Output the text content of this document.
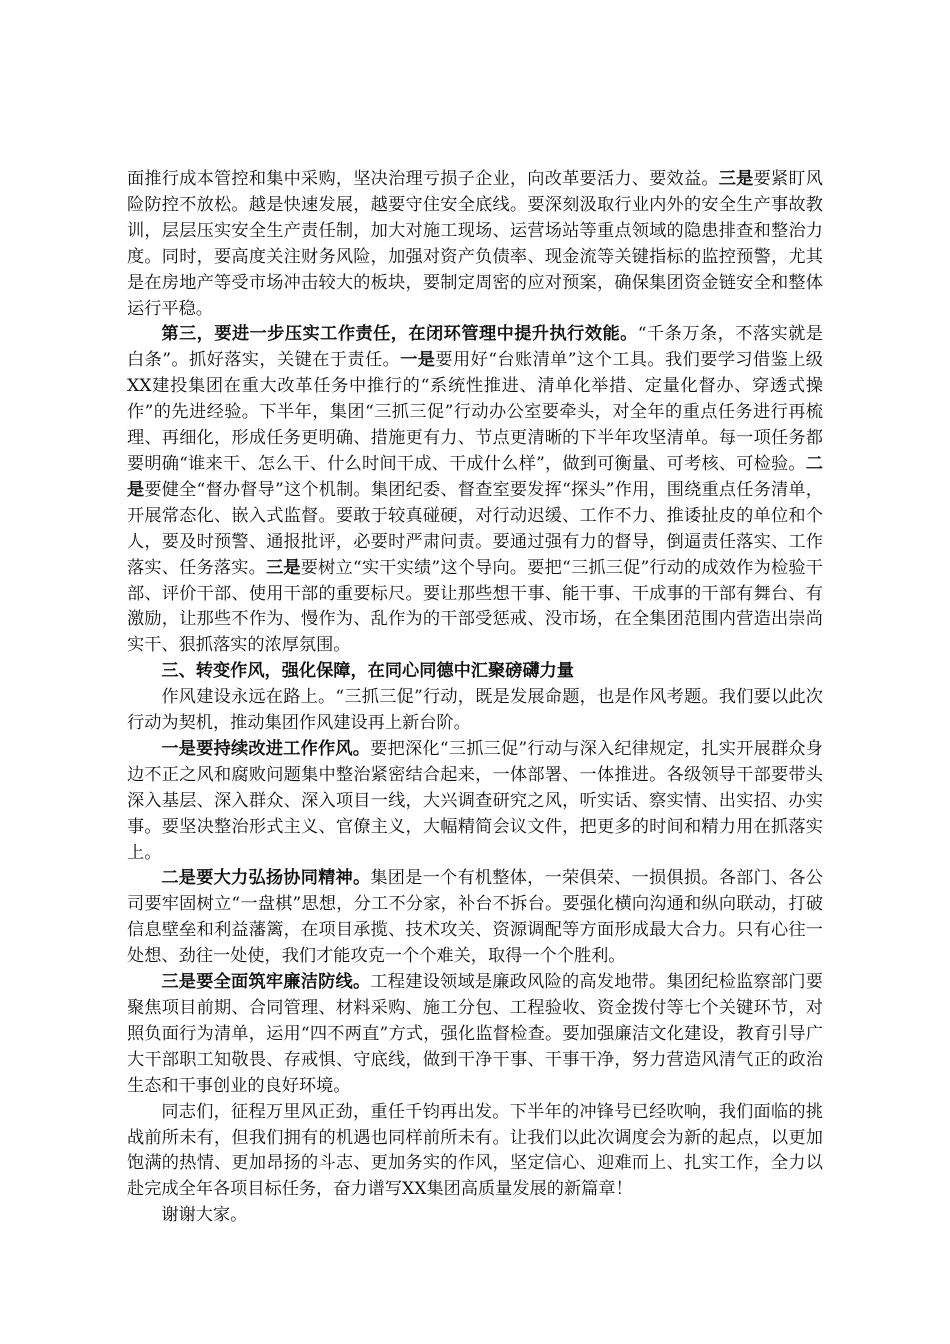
面推行成本管控和集中采购，坚决治理亏损子企业，向改革要活力、要效益。三是要紧盯风险防控不放松。越是快速发展，越要守住安全底线。要深刻汲取行业内外的安全生产事故教训，层层压实安全生产责任制，加大对施工现场、运营场站等重点领域的隐患排查和整治力度。同时，要高度关注财务风险，加强对资产负债率、现金流等关键指标的监控预警，尤其是在房地产等受市场冲击较大的板块，要制定周密的应对预案，确保集团资金链安全和整体运行平稳。

第三，要进一步压实工作责任，在闭环管理中提升执行效能。“千条万条，不落实就是白条”。抓好落实，关键在于责任。一是要用好“台账清单”这个工具。我们要学习借鉴上级XX建投集团在重大改革任务中推行的“系统性推进、清单化举措、定量化督办、穿透式操作”的先进经验。下半年，集团“三抓三促”行动办公室要牵头，对全年的重点任务进行再梳理、再细化，形成任务更明确、措施更有力、节点更清晰的下半年攻坚清单。每一项任务都要明确“谁来干、怎么干、什么时间干成、干成什么样”，做到可衡量、可考核、可检验。二是要健全“督办督导”这个机制。集团纪委、督查室要发挥“探头”作用，围绕重点任务清单，开展常态化、嵌入式监督。要敢于较真碰硬，对行动迟缓、工作不力、推诿扯皮的单位和个人，要及时预警、通报批评，必要时严肃问责。要通过强有力的督导，倒逼责任落实、工作落实、任务落实。三是要树立“实干实绩”这个导向。要把“三抓三促”行动的成效作为检验干部、评价干部、使用干部的重要标尺。要让那些想干事、能干事、干成事的干部有舞台、有激励，让那些不作为、慢作为、乱作为的干部受惩戒、没市场，在全集团范围内营造出崇尚实干、狠抓落实的浓厚氛围。

三、转变作风，强化保障，在同心同德中汇聚磅礴力量

作风建设永远在路上。“三抓三促”行动，既是发展命题，也是作风考题。我们要以此次行动为契机，推动集团作风建设再上新台阶。

一是要持续改进工作作风。要把深化“三抓三促”行动与深入纪律规定，扎实开展群众身边不正之风和腐败问题集中整治紧密结合起来，一体部署、一体推进。各级领导干部要带头深入基层、深入群众、深入项目一线，大兴调查研究之风，听实话、察实情、出实招、办实事。要坚决整治形式主义、官僚主义，大幅精简会议文件，把更多的时间和精力用在抓落实上。

二是要大力弘扬协同精神。集团是一个有机整体，一荣俱荣、一损俱损。各部门、各公司要牢固树立“一盘棋”思想，分工不分家，补台不拆台。要强化横向沟通和纵向联动，打破信息壁垒和利益藩篱，在项目承揽、技术攻关、资源调配等方面形成最大合力。只有心往一处想、劲往一处使，我们才能攻克一个个难关，取得一个个胜利。

三是要全面筑牢廉洁防线。工程建设领域是廉政风险的高发地带。集团纪检监察部门要聚焦项目前期、合同管理、材料采购、施工分包、工程验收、资金拨付等七个关键环节，对照负面行为清单，运用“四不两直”方式，强化监督检查。要加强廉洁文化建设，教育引导广大干部职工知敬畏、存戒惧、守底线，做到干净干事、干事干净，努力营造风清气正的政治生态和干事创业的良好环境。

同志们，征程万里风正劲，重任千钧再出发。下半年的冲锋号已经吹响，我们面临的挑战前所未有，但我们拥有的机遇也同样前所未有。让我们以此次调度会为新的起点，以更加饱满的热情、更加昂扬的斗志、更加务实的作风，坚定信心、迎难而上、扎实工作，全力以赴完成全年各项目标任务，奋力谱写XX集团高质量发展的新篇章！

谢谢大家。
